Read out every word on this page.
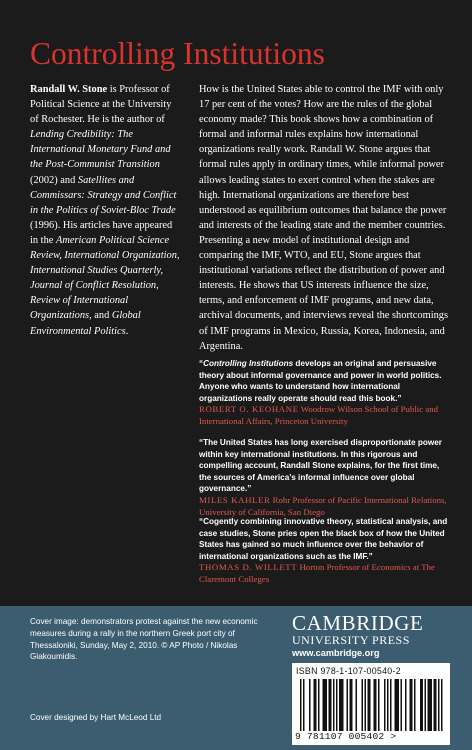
Controlling Institutions
Randall W. Stone is Professor of Political Science at the University of Rochester. He is the author of Lending Credibility: The International Monetary Fund and the Post-Communist Transition (2002) and Satellites and Commissars: Strategy and Conflict in the Politics of Soviet-Bloc Trade (1996). His articles have appeared in the American Political Science Review, International Organization, International Studies Quarterly, Journal of Conflict Resolution, Review of International Organizations, and Global Environmental Politics.

How is the United States able to control the IMF with only 17 per cent of the votes? How are the rules of the global economy made? This book shows how a combination of formal and informal rules explains how international organizations really work. Randall W. Stone argues that formal rules apply in ordinary times, while informal power allows leading states to exert control when the stakes are high. International organizations are therefore best understood as equilibrium outcomes that balance the power and interests of the leading state and the member countries. Presenting a new model of institutional design and comparing the IMF, WTO, and EU, Stone argues that institutional variations reflect the distribution of power and interests. He shows that US interests influence the size, terms, and enforcement of IMF programs, and new data, archival documents, and interviews reveal the shortcomings of IMF programs in Mexico, Russia, Korea, Indonesia, and Argentina.

“Controlling Institutions develops an original and persuasive theory about informal governance and power in world politics. Anyone who wants to understand how international organizations really operate should read this book.”
ROBERT O. KEOHANE Woodrow Wilson School of Public and International Affairs, Princeton University
“The United States has long exercised disproportionate power within key international institutions. In this rigorous and compelling account, Randall Stone explains, for the first time, the sources of America’s informal influence over global governance.”
MILES KAHLER Rohr Professor of Pacific International Relations, University of California, San Diego
“Cogently combining innovative theory, statistical analysis, and case studies, Stone pries open the black box of how the United States has gained so much influence over the behavior of international organizations such as the IMF.”
THOMAS D. WILLETT Horton Professor of Economics at The Claremont Colleges

Cover image: demonstrators protest against the new economic measures during a rally in the northern Greek port city of Thessaloniki, Sunday, May 2, 2010. © AP Photo / Nikolas Giakoumidis.

Cover designed by Hart McLeod Ltd

CAMBRIDGE
UNIVERSITY PRESS
www.cambridge.org
ISBN 978-1-107-00540-2
9 781107 005402 >
